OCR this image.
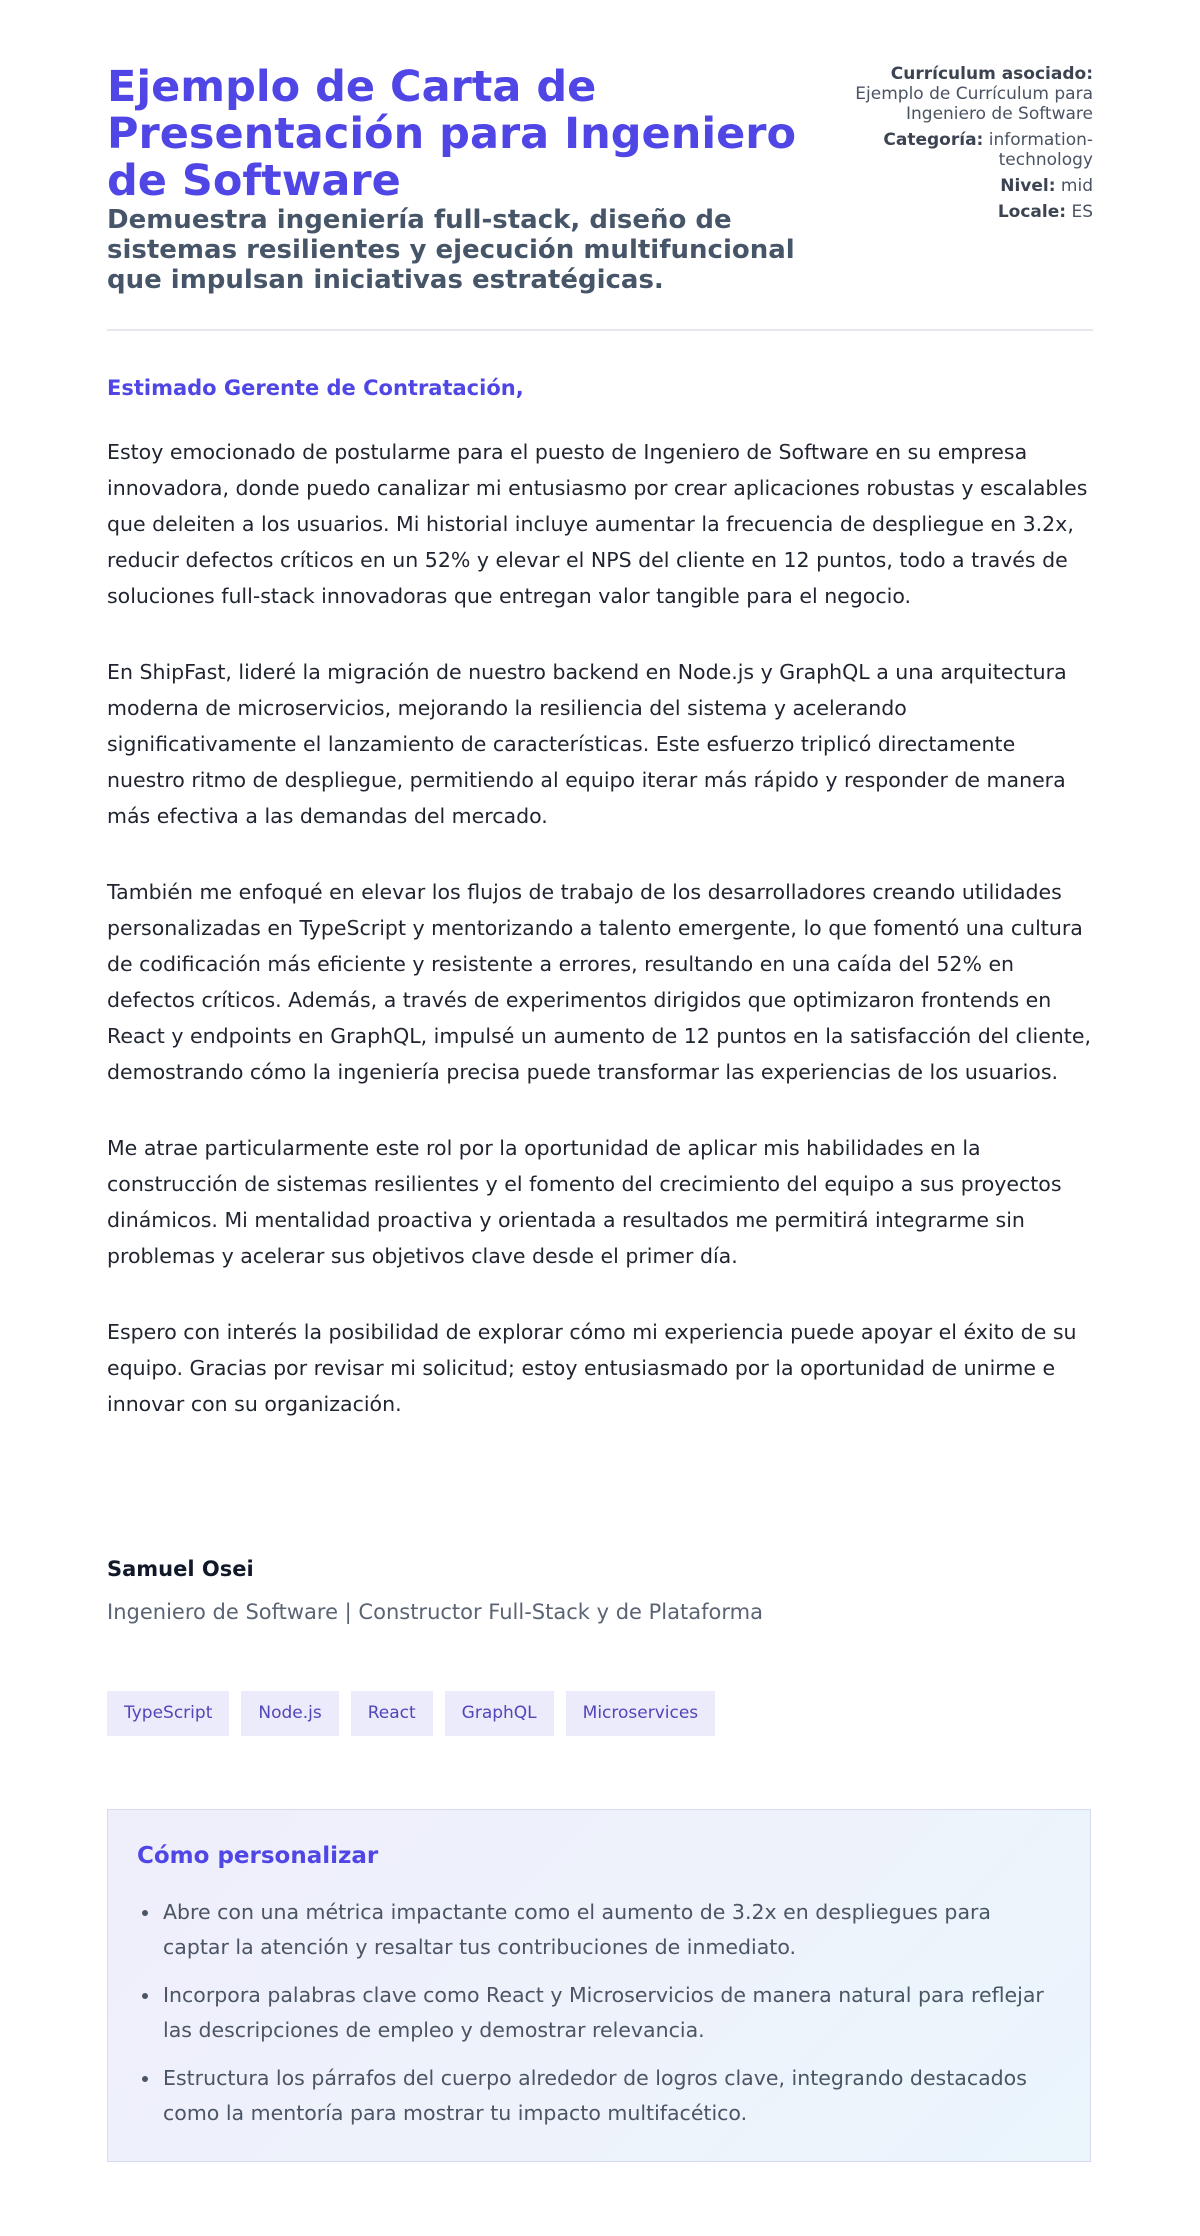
Ejemplo de Carta de Presentación para Ingeniero de Software
Demuestra ingeniería full-stack, diseño de sistemas resilientes y ejecución multifuncional que impulsan iniciativas estratégicas.
Currículum asociado:
Ejemplo de Currículum para Ingeniero de Software
Categoría: information-technology
Nivel: mid
Locale: ES

Estimado Gerente de Contratación,

Estoy emocionado de postularme para el puesto de Ingeniero de Software en su empresa innovadora, donde puedo canalizar mi entusiasmo por crear aplicaciones robustas y escalables que deleiten a los usuarios. Mi historial incluye aumentar la frecuencia de despliegue en 3.2x, reducir defectos críticos en un 52% y elevar el NPS del cliente en 12 puntos, todo a través de soluciones full-stack innovadoras que entregan valor tangible para el negocio.

En ShipFast, lideré la migración de nuestro backend en Node.js y GraphQL a una arquitectura moderna de microservicios, mejorando la resiliencia del sistema y acelerando significativamente el lanzamiento de características. Este esfuerzo triplicó directamente nuestro ritmo de despliegue, permitiendo al equipo iterar más rápido y responder de manera más efectiva a las demandas del mercado.

También me enfoqué en elevar los flujos de trabajo de los desarrolladores creando utilidades personalizadas en TypeScript y mentorizando a talento emergente, lo que fomentó una cultura de codificación más eficiente y resistente a errores, resultando en una caída del 52% en defectos críticos. Además, a través de experimentos dirigidos que optimizaron frontends en React y endpoints en GraphQL, impulsé un aumento de 12 puntos en la satisfacción del cliente, demostrando cómo la ingeniería precisa puede transformar las experiencias de los usuarios.

Me atrae particularmente este rol por la oportunidad de aplicar mis habilidades en la construcción de sistemas resilientes y el fomento del crecimiento del equipo a sus proyectos dinámicos. Mi mentalidad proactiva y orientada a resultados me permitirá integrarme sin problemas y acelerar sus objetivos clave desde el primer día.

Espero con interés la posibilidad de explorar cómo mi experiencia puede apoyar el éxito de su equipo. Gracias por revisar mi solicitud; estoy entusiasmado por la oportunidad de unirme e innovar con su organización.

Samuel Osei

Ingeniero de Software | Constructor Full-Stack y de Plataforma

TypeScript	Node.js	React	GraphQL	Microservices
Cómo personalizar
Abre con una métrica impactante como el aumento de 3.2x en despliegues para captar la atención y resaltar tus contribuciones de inmediato.
Incorpora palabras clave como React y Microservicios de manera natural para reflejar las descripciones de empleo y demostrar relevancia.
Estructura los párrafos del cuerpo alrededor de logros clave, integrando destacados como la mentoría para mostrar tu impacto multifacético.
